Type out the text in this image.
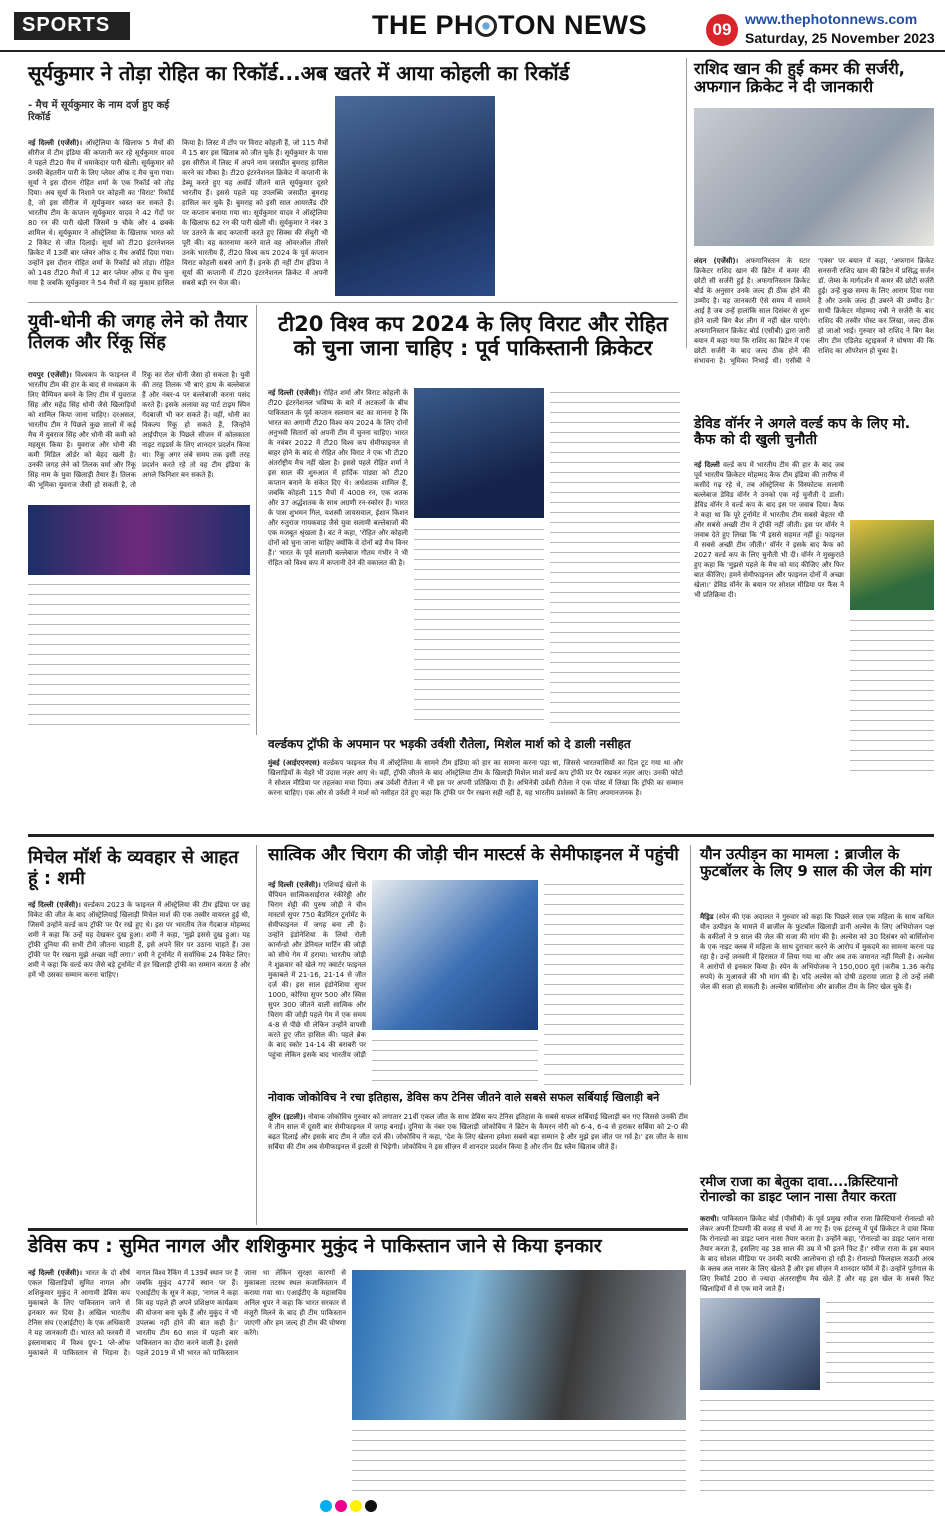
SPORTS	THE PH TON NEWS	09
www.thephotonnews.com
Saturday, 25 November 2023
सूर्यकुमार ने तोड़ा रोहित का रिकॉर्ड...अब खतरे में आया कोहली का रिकॉर्ड
- मैच में सूर्यकुमार के नाम दर्ज हुए कई रिकॉर्ड
नई दिल्ली (एजेंसी)। ऑस्ट्रेलिया के खिलाफ 5 मैचों की सीरीज में टीम इंडिया की कप्तानी कर रहे सूर्यकुमार यादव ने पहले टी20 मैच में धमाकेदार पारी खेली। सूर्यकुमार को उनकी बेहतरीन पारी के लिए प्लेयर ऑफ द मैच चुना गया। सूर्या ने इस दौरान रोहित शर्मा के एक रिकॉर्ड को तोड़ दिया। अब सूर्या के निशाने पर कोहली का 'विराट' रिकॉर्ड है, जो इस सीरीज में सूर्यकुमार ध्वस्त कर सकते हैं। भारतीय टीम के कप्तान सूर्यकुमार यादव ने 42 गेंदों पर 80 रन की पारी खेली जिसमें 9 चौके और 4 छक्के शामिल थे। सूर्यकुमार ने ऑस्ट्रेलिया के खिलाफ भारत को 2 विकेट से जीत दिलाई। सूर्या को टी20 इंटरनेशनल क्रिकेट में 13वीं बार प्लेयर ऑफ द मैच अवॉर्ड दिया गया। उन्होंने इस दौरान रोहित शर्मा के रिकॉर्ड को तोड़ा। रोहित को 148 टी20 मैचों में 12 बार प्लेयर ऑफ द मैच चुना गया है जबकि सूर्यकुमार ने 54 मैचों में यह मुकाम हासिल किया है। लिस्ट में टॉप पर विराट कोहली हैं, जो 115 मैचों में 15 बार इस खिताब को जीत चुके हैं। सूर्यकुमार के पास इस सीरीज में लिस्ट में अपने नाम जसप्रीत बुमराह हासिल करने का मौका है। टी20 इंटरनेशनल क्रिकेट में कप्तानी के डेब्यू करते हुए यह अवॉर्ड जीतने वाले सूर्यकुमार दूसरे भारतीय हैं। इससे पहले यह उपलब्धि जसप्रीत बुमराह हासिल कर चुके हैं। बुमराह को इसी साल आयरलैंड दौरे पर कप्तान बनाया गया था। सूर्यकुमार यादव ने ऑस्ट्रेलिया के खिलाफ 62 रन की पारी खेली थी। सूर्यकुमार ने नंबर 3 पर उतरने के बाद कप्तानी करते हुए सिक्स की सेंचुरी भी पूरी की। वह कारनामा करने वाले वह ओवरऑल तीसरे उनके भारतीय हैं, टी20 विश्व कप 2024 के पूर्व कप्तान विराट कोहली सबसे आगे हैं। इनके ही नहीं टीम इंडिया ने सूर्या की कप्तानी में टी20 इंटरनेशनल क्रिकेट में अपनी सबसे बड़ी रन चेज की।
राशिद खान की हुई कमर की सर्जरी, अफगान क्रिकेट ने दी जानकारी
लंदन (एजेंसी)। अफगानिस्तान के स्टार क्रिकेटर राशिद खान की ब्रिटेन में कमर की छोटी सी सर्जरी हुई है। अफगानिस्तान क्रिकेट बोर्ड के अनुसार उनके जल्द ही ठीक होने की उम्मीद है। यह जानकारी ऐसे समय में सामने आई है जब उन्हें हालांकि साल दिसंबर से शुरू होने वाली बिग बैश लीग में नहीं खेल पाएंगे। अफगानिस्तान क्रिकेट बोर्ड (एसीबी) द्वारा जारी बयान में कहा गया कि राशिद का ब्रिटेन में एक छोटी सर्जरी के बाद जल्द ठीक होने की संभावना है। भूमिका निभाई थी। एसीबी ने 'एक्स' पर बयान में कहा, 'अफगान क्रिकेट सनसनी राशिद खान की ब्रिटेन में प्रसिद्ध सर्जन डॉ. जेम्स के मार्गदर्शन में कमर की छोटी सर्जरी हुई। उन्हें कुछ समय के लिए आराम दिया गया है और उनके जल्द ही उबरने की उम्मीद है।' साथी क्रिकेटर मोहम्मद नबी ने सर्जरी के बाद राशिद की तस्वीर पोस्ट कर लिखा, जल्द ठीक हो जाओ भाई। गुरुवार को राशिद ने बिग बैश लीग टीम एडिलेड स्ट्राइकर्स ने घोषणा की कि राशिद का ऑपरेशन हो चुका है।
युवी-धोनी की जगह लेने को तैयार तिलक और रिंकू सिंह
रायपुर (एजेंसी)। विश्वकप के फाइनल में भारतीय टीम की हार के बाद से मध्यक्रम के लिए चैम्पियन बनने के लिए टीम में युवराज सिंह और महेंद्र सिंह धोनी जैसे खिलाड़ियों को शामिल किया जाना चाहिए। दरअसल, भारतीय टीम ने पिछले कुछ सालों में कई मैच में युवराज सिंह और धोनी की कमी को महसूस किया है। युवराज और धोनी की कमी मिडिल ऑर्डर को बेहद खली है। उनकी जगह लेने को तिलक वर्मा और रिंकू सिंह नाम के युवा खिलाड़ी तैयार हैं। तिलक की भूमिका युवराज जैसी हो सकती है, तो रिंकू का रोल धोनी जैसा हो सकता है। युवी की तरह तिलक भी बाएं हाथ के बल्लेबाज हैं और नंबर-4 पर बल्लेबाजी करना पसंद करते हैं। इसके अलावा वह पार्ट टाइम स्पिन गेंदबाजी भी कर सकते हैं। वहीं, धोनी का विकल्प रिंकू हो सकते हैं, जिन्होंने आईपीएल के पिछले सीजन में कोलकाता नाइट राइडर्स के लिए शानदार प्रदर्शन किया था। रिंकू अगर लंबे समय तक इसी तरह प्रदर्शन करते रहे तो वह टीम इंडिया के अगले फिनिशर बन सकते हैं।
टी20 विश्व कप 2024 के लिए विराट और रोहित को चुना जाना चाहिए : पूर्व पाकिस्तानी क्रिकेटर
नई दिल्ली (एजेंसी)। रोहित शर्मा और विराट कोहली के टी20 इंटरनेशनल भविष्य के बारे में अटकलों के बीच पाकिस्तान के पूर्व कप्तान सलमान बट का मानना है कि भारत का अगामी टी20 विश्व कप 2024 के लिए दोनों अनुभवी सितारों को अपनी टीम में चुनना चाहिए। भारत के नवंबर 2022 में टी20 विश्व कप सेमीफाइनल से बाहर होने के बाद से रोहित और विराट ने एक भी टी20 अंतर्राष्ट्रीय मैच नहीं खेला है। इससे पहले रोहित शर्मा ने इस साल की शुरुआत में हार्दिक पांड्या को टी20 कप्तान बनाने के संकेत दिए थे। अर्धशतक शामिल हैं, जबकि कोहली 115 मैचों में 4008 रन, एक शतक और 37 अर्द्धशतक के साथ अग्रणी रन-स्कोरर हैं। भारत के पास शुभमन गिल, यशस्वी जायसवाल, ईशान किशन और रुतुराज गायकवाड़ जैसे युवा सलामी बल्लेबाजों की एक मजबूत श्रृंखला है। बट ने कहा, 'रोहित और कोहली दोनों को चुना जाना चाहिए क्योंकि वे दोनों बड़े मैच विनर हैं।' भारत के पूर्व सलामी बल्लेबाज गौतम गंभीर ने भी रोहित को विश्व कप में कप्तानी देने की वकालत की है।
डेविड वॉर्नर ने अगले वर्ल्ड कप के लिए मो. कैफ को दी खुली चुनौती
नई दिल्ली वर्ल्ड कप में भारतीय टीम की हार के बाद जब पूर्व भारतीय क्रिकेटर मोहम्मद कैफ टीम इंडिया की तारीफ में कसीदे गढ़ रहे थे, तब ऑस्ट्रेलिया के विस्फोटक सलामी बल्लेबाज डेविड वॉर्नर ने उनको एक नई चुनौती दे डाली। डेविड वॉर्नर ने वर्ल्ड कप के बाद इस पर जवाब दिया। कैफ ने कहा था कि पूरे टूर्नामेंट में भारतीय टीम सबसे बेहतर थी और सबसे अच्छी टीम ने ट्रॉफी नहीं जीती। इस पर वॉर्नर ने जवाब देते हुए लिखा कि 'मैं इससे सहमत नहीं हूं। फाइनल में सबसे अच्छी टीम जीती।' वॉर्नर ने इसके बाद कैफ को 2027 वर्ल्ड कप के लिए चुनौती भी दी। वॉर्नर ने मुस्कुराते हुए कहा कि 'मुझसे पहले के मैच को याद कीजिए और फिर बात कीजिए। हमने सेमीफाइनल और फाइनल दोनों में अच्छा खेला।' डेविड वॉर्नर के बयान पर सोशल मीडिया पर फैंस ने भी प्रतिक्रिया दी।
वर्ल्डकप ट्रॉफी के अपमान पर भड़की उर्वशी रौतेला, मिशेल मार्श को दे डाली नसीहत
मुंबई (आईएएनएस) वर्ल्डकप फाइनल मैच में ऑस्ट्रेलिया के सामने टीम इंडिया को हार का सामना करना पड़ा था, जिससे भारतवासियों का दिल टूट गया था और खिलाड़ियों के चेहरे भी उदास नज़र आए थे। वहीं, ट्रॉफी जीतने के बाद ऑस्ट्रेलिया टीम के खिलाड़ी मिशेल मार्श वर्ल्ड कप ट्रॉफी पर पैर रखकर नज़र आए। उनकी फोटो ने सोशल मीडिया पर तहलका मचा दिया। अब उर्वशी रौतेला ने भी इस पर अपनी प्रतिक्रिया दी है। अभिनेत्री उर्वशी रौतेला ने एक पोस्ट में लिखा कि ट्रॉफी का सम्मान करना चाहिए। एक ओर से उर्वशी ने मार्श को नसीहत देते हुए कहा कि ट्रॉफी पर पैर रखना सही नहीं है, यह भारतीय प्रशंसकों के लिए अपमानजनक है।
मिचेल मॉर्श के व्यवहार से आहत हूं : शमी
नई दिल्ली (एजेंसी)। वर्ल्डकप 2023 के फाइनल में ऑस्ट्रेलिया की टीम इंडिया पर छह विकेट की जीत के बाद ऑस्ट्रेलियाई खिलाड़ी मिचेल मार्श की एक तस्वीर वायरल हुई थी, जिसमें उन्होंने वर्ल्ड कप ट्रॉफी पर पैर रखे हुए थे। इस पर भारतीय तेज गेंदबाज मोहम्मद शमी ने कहा कि उन्हें यह देखकर दुख हुआ। शमी ने कहा, 'मुझे इससे दुख हुआ। यह ट्रॉफी दुनिया की सभी टीमें जीतना चाहती हैं, इसे अपने सिर पर उठाना चाहते हैं। उस ट्रॉफी पर पैर रखना मुझे अच्छा नहीं लगा।' शमी ने टूर्नामेंट में सर्वाधिक 24 विकेट लिए। शमी ने कहा कि वर्ल्ड कप जैसे बड़े टूर्नामेंट में हर खिलाड़ी ट्रॉफी का सम्मान करता है और हमें भी उसका सम्मान करना चाहिए।
सात्विक और चिराग की जोड़ी चीन मास्टर्स के सेमीफाइनल में पहुंची
नई दिल्ली (एजेंसी)। एशियाई खेलों के चैंपियन सात्विकसाईराज रंकीरेड्डी और चिराग शेट्टी की पुरुष जोड़ी ने चीन मास्टर्स सुपर 750 बैडमिंटन टूर्नामेंट के सेमीफाइनल में जगह बना ली है। उन्होंने इंडोनेशिया के लियो रोली कार्नान्डो और डेनियल मार्टिन की जोड़ी को सीधे गेम में हराया। भारतीय जोड़ी ने शुक्रवार को खेले गए क्वार्टर फाइनल मुकाबले में 21-16, 21-14 से जीत दर्ज की। इस साल इंडोनेशिया सुपर 1000, कोरिया सुपर 500 और स्विस सुपर 300 जीतने वाली सात्विक और चिराग की जोड़ी पहले गेम में एक समय 4-8 से पीछे थी लेकिन उन्होंने वापसी करते हुए जीत हासिल की। पहले ब्रेक के बाद स्कोर 14-14 की बराबरी पर पहुंचा लेकिन इसके बाद भारतीय जोड़ी
यौन उत्पीड़न का मामला : ब्राजील के फुटबॉलर के लिए 9 साल की जेल की मांग
मैड्रिड (स्पेन की एक अदालत ने गुरुवार को कहा कि पिछले साल एक महिला के साथ कथित यौन उत्पीड़न के मामले में ब्राजील के फुटबॉल खिलाड़ी डानी अल्वेस के लिए अभियोजन पक्ष के वकीलों ने 9 साल की जेल की सजा की मांग की है। अल्वेस को 30 दिसंबर को बार्सिलोना के एक नाइट क्लब में महिला के साथ दुराचार करने के आरोप में मुकदमे का सामना करना पड़ रहा है। उन्हें जनवरी में हिरासत में लिया गया था और अब तक जमानत नहीं मिली है। अल्वेस ने आरोपों से इनकार किया है। स्पेन के अभियोजक ने 150,000 यूरो (करीब 1.36 करोड़ रुपये) के मुआवजे की भी मांग की है। यदि अल्वेस को दोषी ठहराया जाता है तो उन्हें लंबी जेल की सजा हो सकती है। अल्वेस बार्सिलोना और ब्राजील टीम के लिए खेल चुके हैं।
नोवाक जोकोविच ने रचा इतिहास, डेविस कप टेनिस जीतने वाले सबसे सफल सर्बियाई खिलाड़ी बने
तूरिन (इटली)। नोवाक जोकोविच गुरुवार को लगातार 21वीं एकल जीत के साथ डेविस कप टेनिस इतिहास के सबसे सफल सर्बियाई खिलाड़ी बन गए जिससे उनकी टीम ने तीन साल में दूसरी बार सेमीफाइनल में जगह बनाई। दुनिया के नंबर एक खिलाड़ी जोकोविच ने ब्रिटेन के कैमरन नोरी को 6-4, 6-4 से हराकर सर्बिया को 2-0 की बढ़त दिलाई और इसके बाद टीम ने जीत दर्ज की। जोकोविच ने कहा, 'देश के लिए खेलना हमेशा सबसे बड़ा सम्मान है और मुझे इस जीत पर गर्व है।' इस जीत के साथ सर्बिया की टीम अब सेमीफाइनल में इटली से भिड़ेगी। जोकोविच ने इस सीज़न में शानदार प्रदर्शन किया है और तीन ग्रैंड स्लैम खिताब जीते हैं।
रमीज राजा का बेतुका दावा....क्रिस्टियानो रोनाल्डो का डाइट प्लान नासा तैयार करता
कराची। पाकिस्तान क्रिकेट बोर्ड (पीसीबी) के पूर्व प्रमुख रमीज राजा क्रिस्टियानो रोनाल्डो को लेकर अपनी टिप्पणी की वजह से चर्चा में आ गए हैं। एक इंटरव्यू में पूर्व क्रिकेटर ने दावा किया कि रोनाल्डो का डाइट प्लान नासा तैयार करता है। उन्होंने कहा, 'रोनाल्डो का डाइट प्लान नासा तैयार करता है, इसलिए वह 38 साल की उम्र में भी इतने फिट हैं।' रमीज राजा के इस बयान के बाद सोशल मीडिया पर उनकी काफी आलोचना हो रही है। रोनाल्डो फिलहाल सऊदी अरब के क्लब अल नासर के लिए खेलते हैं और इस सीज़न में शानदार फॉर्म में हैं। उन्होंने पुर्तगाल के लिए रिकॉर्ड 200 से ज्यादा अंतरराष्ट्रीय मैच खेले हैं और वह इस खेल के सबसे फिट खिलाड़ियों में से एक माने जाते हैं।
डेविस कप : सुमित नागल और शशिकुमार मुकुंद ने पाकिस्तान जाने से किया इनकार
नई दिल्ली (एजेंसी)। भारत के दो शीर्ष एकल खिलाड़ियों सुमित नागल और शशिकुमार मुकुंद ने आगामी डेविस कप मुकाबले के लिए पाकिस्तान जाने से इनकार कर दिया है। अखिल भारतीय टेनिस संघ (एआईटीए) के एक अधिकारी ने यह जानकारी दी। भारत को फरवरी में इस्लामाबाद में विश्व ग्रुप-1 प्ले-ऑफ मुकाबले में पाकिस्तान से भिड़ना है। नागल विश्व रैंकिंग में 139वें स्थान पर हैं जबकि मुकुंद 477वें स्थान पर हैं। एआईटीए के सूत्र ने कहा, 'नागल ने कहा कि वह पहले ही अपने प्रशिक्षण कार्यक्रम की योजना बना चुके हैं और मुकुंद ने भी उपलब्ध नहीं होने की बात कही है।' भारतीय टीम 60 साल में पहली बार पाकिस्तान का दौरा करने वाली है। इससे पहले 2019 में भी भारत को पाकिस्तान जाना था लेकिन सुरक्षा कारणों से मुकाबला तटस्थ स्थल कजाकिस्तान में कराया गया था। एआईटीए के महासचिव अनिल धूपर ने कहा कि भारत सरकार से मंजूरी मिलने के बाद ही टीम पाकिस्तान जाएगी और हम जल्द ही टीम की घोषणा करेंगे।
